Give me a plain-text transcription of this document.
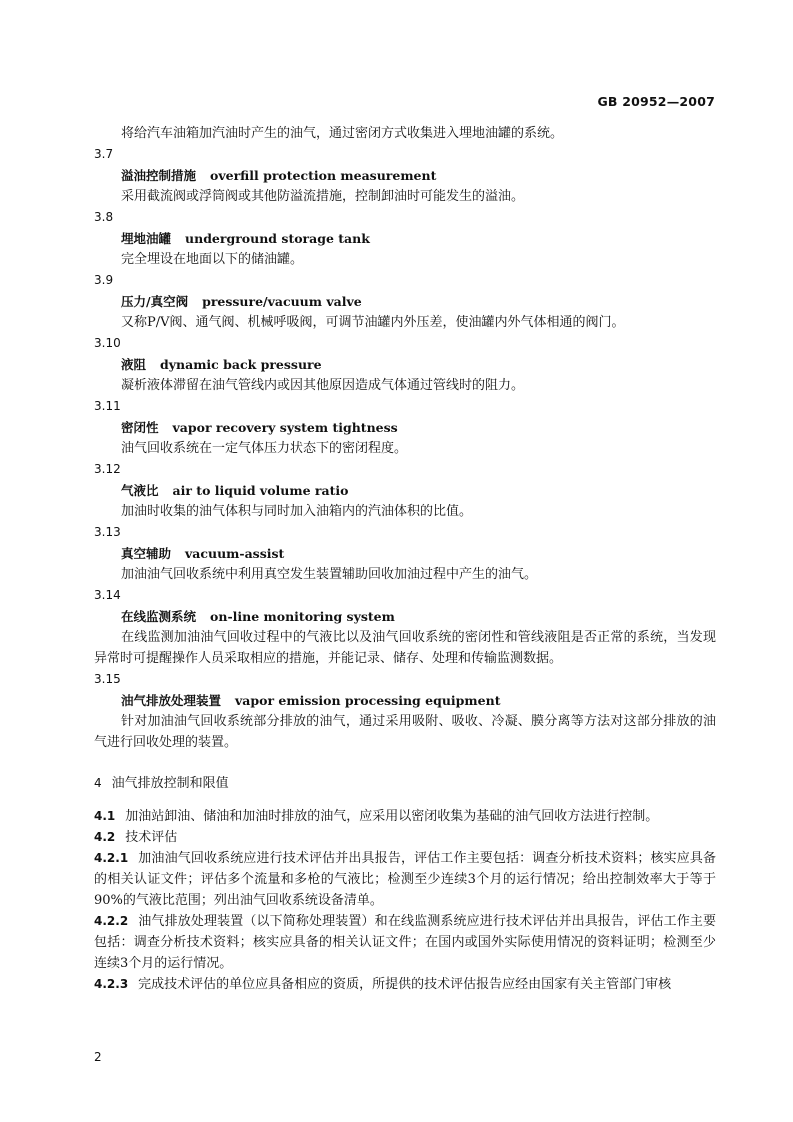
GB 20952—2007
将给汽车油箱加汽油时产生的油气，通过密闭方式收集进入埋地油罐的系统。
3.7
溢油控制措施 overfill protection measurement
采用截流阀或浮筒阀或其他防溢流措施，控制卸油时可能发生的溢油。
3.8
埋地油罐 underground storage tank
完全埋设在地面以下的储油罐。
3.9
压力/真空阀 pressure/vacuum valve
又称P/V阀、通气阀、机械呼吸阀，可调节油罐内外压差，使油罐内外气体相通的阀门。
3.10
液阻 dynamic back pressure
凝析液体滞留在油气管线内或因其他原因造成气体通过管线时的阻力。
3.11
密闭性 vapor recovery system tightness
油气回收系统在一定气体压力状态下的密闭程度。
3.12
气液比 air to liquid volume ratio
加油时收集的油气体积与同时加入油箱内的汽油体积的比值。
3.13
真空辅助 vacuum-assist
加油油气回收系统中利用真空发生装置辅助回收加油过程中产生的油气。
3.14
在线监测系统 on-line monitoring system
在线监测加油油气回收过程中的气液比以及油气回收系统的密闭性和管线液阻是否正常的系统，当发现异常时可提醒操作人员采取相应的措施，并能记录、储存、处理和传输监测数据。
3.15
油气排放处理装置 vapor emission processing equipment
针对加油油气回收系统部分排放的油气，通过采用吸附、吸收、冷凝、膜分离等方法对这部分排放的油气进行回收处理的装置。
4 油气排放控制和限值
4.1 加油站卸油、储油和加油时排放的油气，应采用以密闭收集为基础的油气回收方法进行控制。
4.2 技术评估
4.2.1 加油油气回收系统应进行技术评估并出具报告，评估工作主要包括：调查分析技术资料；核实应具备的相关认证文件；评估多个流量和多枪的气液比；检测至少连续3个月的运行情况；给出控制效率大于等于90%的气液比范围；列出油气回收系统设备清单。
4.2.2 油气排放处理装置（以下简称处理装置）和在线监测系统应进行技术评估并出具报告，评估工作主要包括：调查分析技术资料；核实应具备的相关认证文件；在国内或国外实际使用情况的资料证明；检测至少连续3个月的运行情况。
4.2.3 完成技术评估的单位应具备相应的资质，所提供的技术评估报告应经由国家有关主管部门审核
2
